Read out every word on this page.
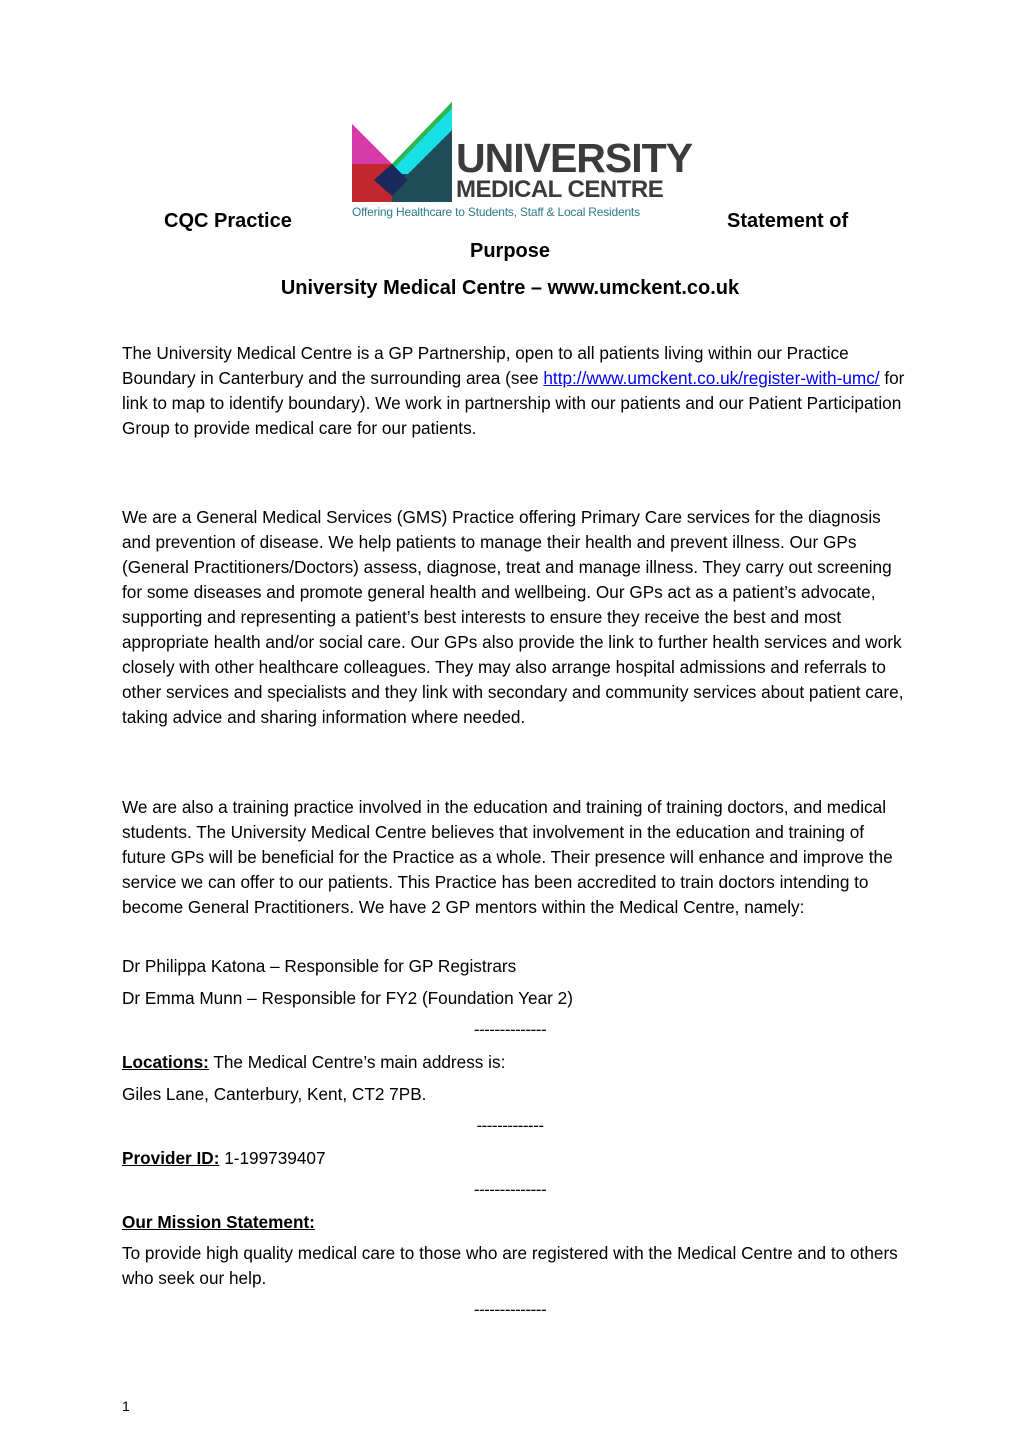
UNIVERSITY
MEDICAL CENTRE
Offering Healthcare to Students, Staff & Local Residents
CQC Practice	Statement of
Purpose
University Medical Centre – www.umckent.co.uk
The University Medical Centre is a GP Partnership, open to all patients living within our Practice Boundary in Canterbury and the surrounding area (see http://www.umckent.co.uk/register-with-umc/ for link to map to identify boundary). We work in partnership with our patients and our Patient Participation Group to provide medical care for our patients.
We are a General Medical Services (GMS) Practice offering Primary Care services for the diagnosis and prevention of disease. We help patients to manage their health and prevent illness. Our GPs (General Practitioners/Doctors) assess, diagnose, treat and manage illness. They carry out screening for some diseases and promote general health and wellbeing. Our GPs act as a patient’s advocate, supporting and representing a patient’s best interests to ensure they receive the best and most appropriate health and/or social care. Our GPs also provide the link to further health services and work closely with other healthcare colleagues. They may also arrange hospital admissions and referrals to other services and specialists and they link with secondary and community services about patient care, taking advice and sharing information where needed.
We are also a training practice involved in the education and training of training doctors, and medical students. The University Medical Centre believes that involvement in the education and training of future GPs will be beneficial for the Practice as a whole. Their presence will enhance and improve the service we can offer to our patients. This Practice has been accredited to train doctors intending to become General Practitioners. We have 2 GP mentors within the Medical Centre, namely:
Dr Philippa Katona – Responsible for GP Registrars
Dr Emma Munn – Responsible for FY2 (Foundation Year 2)
--------------
Locations: The Medical Centre’s main address is:
Giles Lane, Canterbury, Kent, CT2 7PB.
-------------
Provider ID: 1-199739407
--------------
Our Mission Statement:
To provide high quality medical care to those who are registered with the Medical Centre and to others who seek our help.
--------------
1
